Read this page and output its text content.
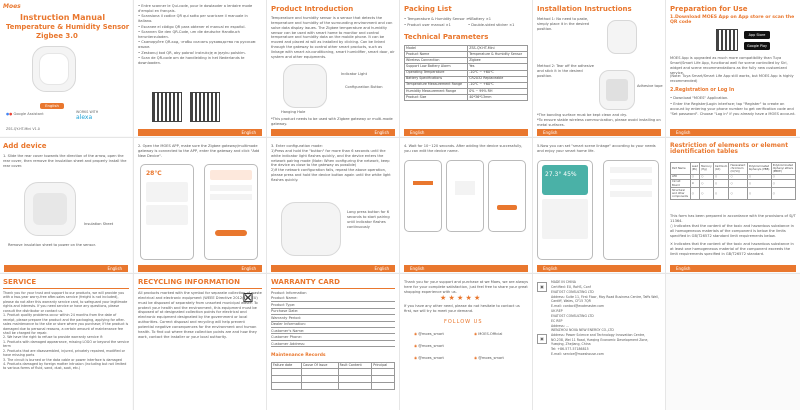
Moes
Instruction Manual
Temperature & Humidity Sensor
Zigbee 3.0
English
●● Google Assistant	WORKS WITH
alexa
ZSS-QY-HT-Mini V1.0
• Entre scanner le Qui-code, pour le dowlaoder a lentaire mode d'emploi en français.
• Scansiona il codice QR qui sotto per scaricare il manuale in italiano.
• Escanee el código QR para obtener el manual en español.
• Scannen Sie den QR-Code, um die deutsche Handbuch herunterzuladen.
• Сканируйте QR-код, чтобы скачать руководство на русском языке.
• Zeskanuj kod QR, aby pobrać instrukcję w języku polskim.
• Scan de QR-code om de handleiding in het Nederlands te downloaden.
English
Product Introduction
Temperature and humidity sensor is a sensor that detects the temperature and humidity of the surrounding environment and can solve data display issues. The Zigbee temperature and humidity sensor can be used with smart home to monitor and control temperature and humidity data on the mobile phone. It can be moved and placed at will as installed by clicking. Can be linked through the gateway to control other smart products, such as linkage with smart air-conditioning, smart humidifier, smart door, air system and other equipments.
Indicator Light
Configuration Button
Hanging Hole
*This product needs to be used with Zigbee gateway or multi-mode gateway.
English
Packing List
• Temperature & Humidity Sensor ×1
• Product user manual ×1
• Battery ×1
• Double-sided sticker ×1
Technical Parameters
Model	ZSS-QY-HT-Mini
Product Name	Temperature & Humidity Sensor
Wireless Connection	Zigbee
Support Low Battery Alarm	Yes
Operating Temperature	-10℃ ~ +60℃
Battery Specifications	CR2032 Replaceable
Temperature Measurement Range	-10℃ ~ +60℃
Humidity Measurement Range	0% ~ 99% RH
Product Size	40*36*13mm
English
Installation Instructions
Method 1: No need to paste, simply place it in the desired position.
Method 2: Tear off the adhesive and stick it in the desired position.
Adhesive tape
*The bonding surface must be kept clean and dry.
*To ensure stable wireless communication, please avoid installing on metal surfaces.
English
Preparation for Use
1.Download MOES App on App store or scan the QR code
App Store
Google Play
MOES App is upgraded as much more compatibility than Tuya Smart/Smart Life App, functional well for scene controlled by Siri, widget and scene recommendations as the fully new customized service.
(Note: Tuya Smart/Smart Life App still works, but MOES App is highly recommended)
2.Registration or Log In
• Download "MOES" Application.
• Enter the Register/Login interface; tap "Register" to create an account by entering your phone number to get verification code and "Set password". Choose "Log in" if you already have a MOES account.
English
Add device
1. Slide the rear cover towards the direction of the arrow, open the rear cover, then remove the insulation sheet and properly install the rear cover.
Insulation Sheet
Remove insulation sheet to power on the sensor.
English
2. Open the MOES APP, make sure the Zigbee gateway/multimode gateway is connected to the APP, enter the gateway and click "Add New Device".
28℃
English
3. Enter configuration mode:
1)Press and hold the "button" for more than 6 seconds until the white indicator light flashes quickly, and the device enters the network pairing mode (Note: When configuring the network, keep the device as close to the gateway as possible)
2)If the network configuration fails, repeat the above operation, please press and hold the device button again until the white light flashes quickly.
Long press button for 6 seconds to start pairing until indicator flashes continuously
English
4. Wait for 10~120 seconds. After adding the device successfully, you can edit the device name.
English
5.Now you can set "smart scene linkage" according to your needs and enjoy your smart home life.
27.3° 45%
English
Restriction of elements or element identification tables
Part Name	Lead (Pb)	Mercury (Hg)	Cadmium (Cd)	Hexavalent chromium (Cr(VI))	Polybrominated biphenyls (PBB)	Polybrominated diphenyl ethers (PBDE)
LED	○	○	○	○	○	○
Circuit Board	✕	○	○	○	○	○
Structural and other components	○	○	○	○	○	○
This form has been prepared in accordance with the provisions of SJ/T 11364.
○ Indicates that the content of the toxic and hazardous substance in all homogeneous materials of the component is below the limits specified in GB/T26572 standard limit requirements below.
✕ Indicates that the content of the toxic and hazardous substance in at least one homogeneous material of the component exceeds the limit requirements specified in GB/T26572 standard.
English
SERVICE
Thank you for your trust and support to our products, we will provide you with a two-year worry-free after-sales service (freight is not included), please do not alter this warranty service card, to safeguard your legitimate rights and interests. If you need service or have any questions, please consult the distributor or contact us.
1. Product quality problems occur within 24 months from the date of receipt, please prepare the product and the packaging, applying for after-sales maintenance to the site or store where you purchase; if the product is damaged due to personal reasons, a certain amount of maintenance fee shall be charged for repair.
2. We have the right to refuse to provide warranty service if:
1. Products with damaged appearance, missing LOGO or beyond the service term
2. Products that are disassembled, injured, privately repaired, modified or have missing parts
3. The circuit is burned or the data cable or power interface is damaged
4. Products damaged by foreign matter intrusion (including but not limited to various forms of fluid, sand, dust, soot, etc.)
RECYCLING INFORMATION
All products marked with the symbol for separate collection of waste electrical and electronic equipment (WEEE Directive 2012/19 / EU) must be disposed of separately from unsorted municipal waste. To protect your health and the environment, this equipment must be disposed of at designated collection points for electrical and electronic equipment designated by the government or local authorities. Correct disposal and recycling will help prevent potential negative consequences for the environment and human health. To find out where these collection points are and how they work, contact the installer or your local authority.
⊠
WARRANTY CARD
Product Information
Product Name:
Product Type:
Purchase Date:
Warranty Period:
Dealer Information:
Customer's Name:
Customer Phone:
Customer Address:
Maintenance Records
Failure date	Cause Of Issue	Fault Content	Principal

Thank you for your support and purchase at we Moes, we are always here for your complete satisfaction, just feel free to share your great shopping experience with us.
★ ★ ★ ★ ★
If you have any other need, please do not hesitate to contact us first, we will try to meet your demand.
FOLLOW US
◉ @moes_smart	◉ MOES.Official
◉ @moes_smart
◉ @moes_smart	◉ @moes_smart
MADE IN CHINA
Certified: EU, RoHS, Conf
EVATOST CONSULTING LTD
Address: Suite 11, First Floor, Moy Road Business Centre, Taffs Well, Cardiff, Wales, CF15 7QR
E-mail: contact@evatmaster.com
UK REP
EVATOST CONSULTING LTD
EC REP
Address: ...
WENZHOU NOVA NEW ENERGY CO.,LTD
Address: Power Science and Technology Innovation Centre, NO.238, Wei 11 Road, Yueqing Economic Development Zone, Yueqing, Zhejiang, China
Tel: +86-577-57186815
E-mail: service@moeshouse.com
▣
▣
